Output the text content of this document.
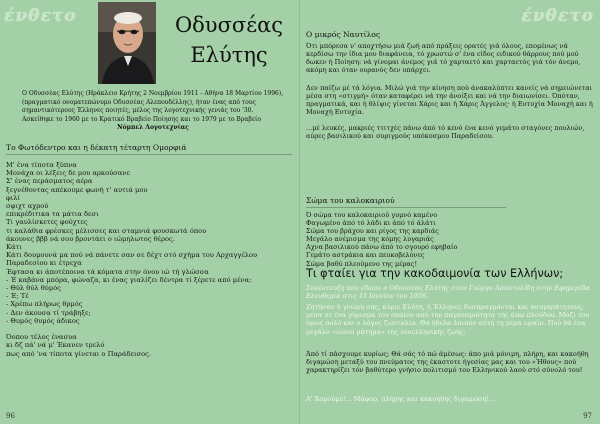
ένθετο	Οδυσσέας
Ελύτης
Ο Οδυσσέας Ελύτης (Ηράκλειο Κρήτης 2 Νοεμβρίου 1911 - Αθήνα 18 Μαρτίου 1996), (πραγματικό ονοματεπώνυμο Οδυσσέας Αλεπουδέλλης), ήταν ένας από τους σημαντικότερους Έλληνες ποιητές, μέλος της λογοτεχνικής γενιάς του '30. Ασκείθηκε το 1960 με το Κρατικό Βραβείο Ποίησης και το 1979 με το Βραβείο
Νόμπελ Λογοτεχνίας
Το Φωτόδεντρο και η δέκατη τέταρτη Ομορφιά
Μ' ένα τίποτα ξύπνα
Μονάχα οι λέξεις δε μου αρκούσανε
Σ' ένας περάσματος αέρα
ξεγνέθοντας απέκουμε φωνή τ' αυτιά μου
φιλί
σφιχτ αχρού
επικρέδιτικα τα μάτια δεσι
Τι γαυλίσκετες φούχτες
τι καλάθια φρέσκες μέλισσες και σταμνιά φουσκωτά όπου
άκουνες βββ νά σου βροντάει ο ιώμηλωτος θέρος.
Κάτι
Κάτι δουμουνά μα πού νά πάνετε σαν σε δέχτ στό σχήμα του Αρχαγγέλου
Παραδεσίου κι έτρεχα
Έφτασα κι άποτέποινα τά κόματα στην όνου ιώ τή γλώσσα
- Έ καβάνα μπόρα, φώναζα, κι ένας γιαλίζει δέντρα τί ξέρετε από μένα;
- Θύλ θύλ θύμός
- Έ; Τέ
- Χρέπω πλήρως θρμός
- Δεν άκουσα τί τράβηξε;
- Θυμός θυμός άδικος

Όοπου τέλος ένασυα
κι δζ πά' νά μ' Έκανεν τρελό
πως από 'να τίποτα γίνεται ο Παράδεισος.
96
ένθετο
97
Ο μικρός Ναυτίλος
Ότι μπόρεσα ν' αποχτήσω μιά ζωή από πράξεις ορατές γιά όλους, επομένως νά κερδίσω την ίδια μου διαφάνεια, τό χρωστώ σ' ένα είδος ειδικού θάρρους πού μού δωκεν ή Ποίηση: νά γίνομαι άνεμος γιά τό χαρταετό και χαρταετός γιά τόν άνεμο, ακόμη και όταν ουρανός δεν υπάρχει.
Δεν παίζω μέ τά λόγια. Μιλώ γιά την κίνηση πού άνακαλύπτει κανείς νά σημειώνεται μέσα στη «στιγμή» όταν καταφέρει νά την άνοίξει και νά την διαιωνίσει. Όπόταν, πραγματικά, και ή θλίψις γίνεται Χάρις και ή Χάρις Άγγελος· ή Ευτυχία Μοναχή και ή Μοναχή Ευτυχία.
...μέ λευκές, μακριές ττιτχές πάνω άπό τό κενό ένα κενό γεμάτο σταγόνες πουλιών, αύρες βασιλικού και συριγμούς υπόκοσμου Παραδείσου.
Σώμα του καλοκαιριού
Ό σώμα του καλοκαιριού γυμνό καμένο
Φαγωμένο άπό τό λάδι κι άπό τό άλάτι
Σώμα του βράχου και ρίγος της καρδιάς
Μεγάλο ανέμισμα της κόμης λυγαριάς
Αχνα βασιλικού πάνω άπό το σγουρό εφηβαίο
Γεμάτο αστράκια και πευκοβελόνες
Σώμα βαθύ πλεούμενο της μέρας!
Τι φταίει για την κακοδαιμονία των Ελλήνων;
Συνέντευξη που έδωσε ο Οδυσσέας Ελύτης στον Γιώργο Αποστολίδη στην Εφημερίδα Ελευθερία στις 15 Ιουνίου του 1958.
Ζητήσαν ή γνώμη σας, κύριε Ελύτη, ή Έλληνες δυσπραγμόνται και ασυγκράτητους, μέσα σε ένα γύρισμα του οπαίον από την παγκοσμιότητα της άπω πλούδου. Μαζί του όμως πολύ και ο λόγος ζωνταλία. Θα ήθελα λοιπόν σύτη τη μέρα ωραίο. Πού θά ένα μεγάλο «ιώνιο μάτημα» της νεοελληνικής ζωής;
Άπό τί πάσχουμε κυρίως; Θά σάς τό πώ άμέσως: άπο μιά μόνιμη, πλήρη, και κακοήθη διγαμώση μεταξύ του πνεύματος της έκαστοτε ήγεσίας μας και του «Ήθους» πού χαρακτηρίζει τόν βαθύτερο γνήσιο πολιτισμό του Ελληνικού λαού στό σύνολό του!
Α' Χαρούμε!... Μάφορ, πλήρης και κακοήθης διγαμώση!...
